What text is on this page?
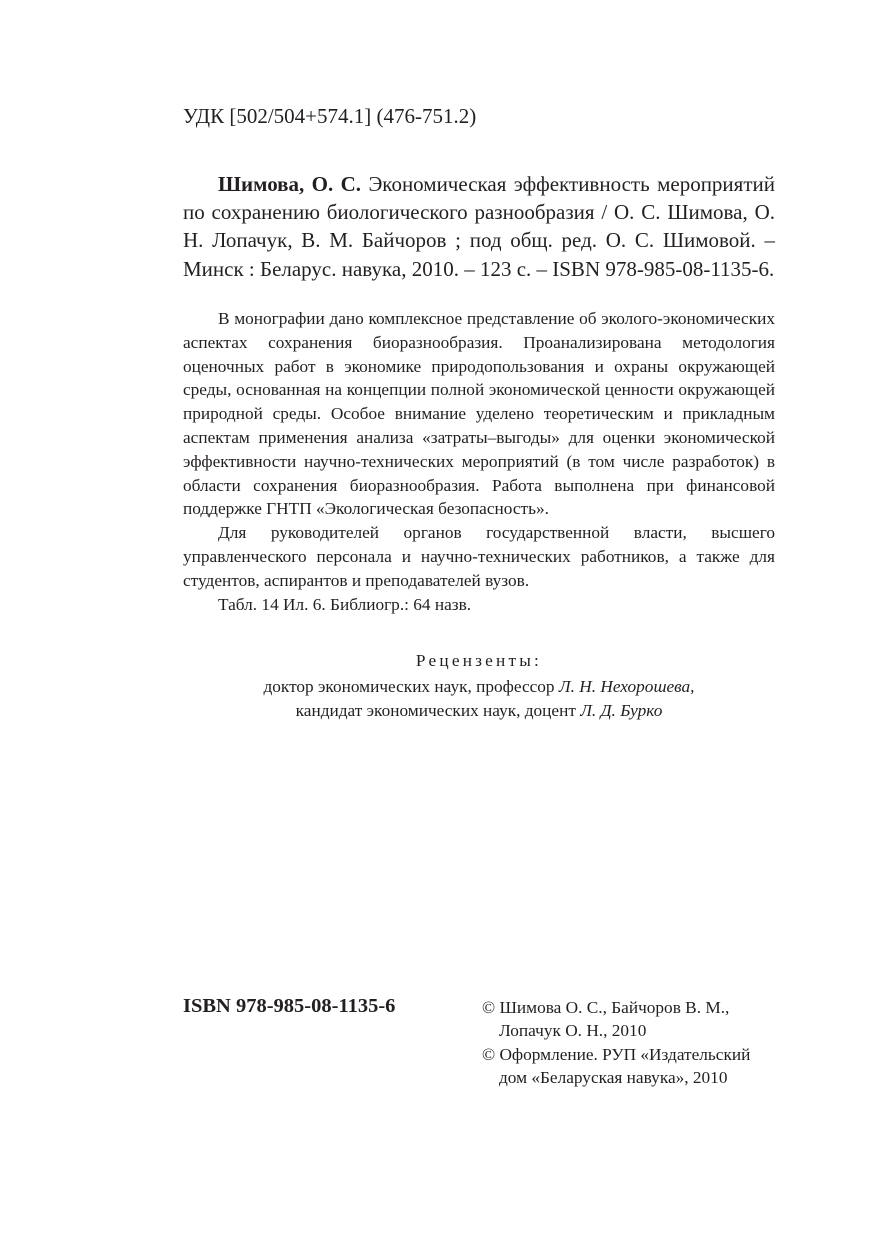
УДК [502/504+574.1] (476-751.2)

Шимова, О. С. Экономическая эффективность мероприятий по сохранению биологического разнообразия / О. С. Шимова, О. Н. Лопачук, В. М. Байчоров ; под общ. ред. О. С. Шимовой. – Минск : Беларус. навука, 2010. – 123 с. – ISBN 978-985-08-1135-6.

В монографии дано комплексное представление об эколого-экономических аспектах сохранения биоразнообразия. Проанализирована методология оценочных работ в экономике природопользования и охраны окружающей среды, основанная на концепции полной экономической ценности окружающей природной среды. Особое внимание уделено теоретическим и прикладным аспектам применения анализа «затраты–выгоды» для оценки экономической эффективности научно-технических мероприятий (в том числе разработок) в области сохранения биоразнообразия. Работа выполнена при финансовой поддержке ГНТП «Экологическая безопасность».

Для руководителей органов государственной власти, высшего управленческого персонала и научно-технических работников, а также для студентов, аспирантов и преподавателей вузов.

Табл. 14 Ил. 6. Библиогр.: 64 назв.

Рецензенты:
доктор экономических наук, профессор Л. Н. Нехорошева,
кандидат экономических наук, доцент Л. Д. Бурко
ISBN 978-985-08-1135-6	© Шимова О. С., Байчоров В. М.,

Лопачук О. Н., 2010

© Оформление. РУП «Издательский

дом «Беларуская навука», 2010
